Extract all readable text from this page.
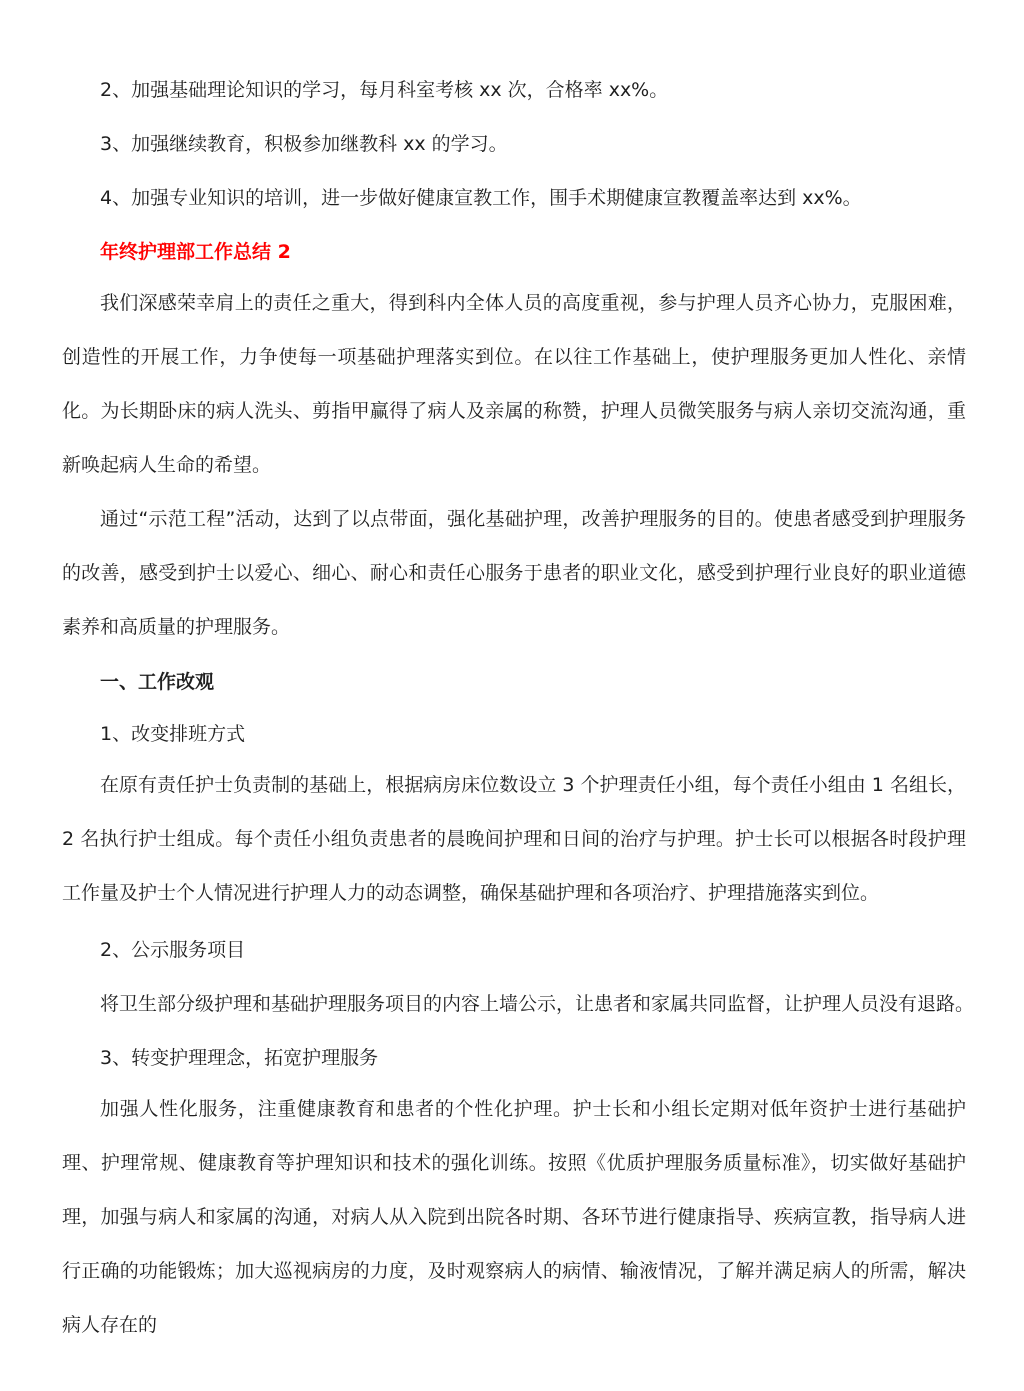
2、加强基础理论知识的学习，每月科室考核 xx 次，合格率 xx%。

3、加强继续教育，积极参加继教科 xx 的学习。

4、加强专业知识的培训，进一步做好健康宣教工作，围手术期健康宣教覆盖率达到 xx%。

年终护理部工作总结 2

我们深感荣幸肩上的责任之重大，得到科内全体人员的高度重视，参与护理人员齐心协力，克服困难，创造性的开展工作，力争使每一项基础护理落实到位。在以往工作基础上，使护理服务更加人性化、亲情化。为长期卧床的病人洗头、剪指甲赢得了病人及亲属的称赞，护理人员微笑服务与病人亲切交流沟通，重新唤起病人生命的希望。

通过“示范工程”活动，达到了以点带面，强化基础护理，改善护理服务的目的。使患者感受到护理服务的改善，感受到护士以爱心、细心、耐心和责任心服务于患者的职业文化，感受到护理行业良好的职业道德素养和高质量的护理服务。

一、工作改观

1、改变排班方式

在原有责任护士负责制的基础上，根据病房床位数设立 3 个护理责任小组，每个责任小组由 1 名组长，2 名执行护士组成。每个责任小组负责患者的晨晚间护理和日间的治疗与护理。护士长可以根据各时段护理工作量及护士个人情况进行护理人力的动态调整，确保基础护理和各项治疗、护理措施落实到位。

2、公示服务项目

将卫生部分级护理和基础护理服务项目的内容上墙公示，让患者和家属共同监督，让护理人员没有退路。

3、转变护理理念，拓宽护理服务

加强人性化服务，注重健康教育和患者的个性化护理。护士长和小组长定期对低年资护士进行基础护理、护理常规、健康教育等护理知识和技术的强化训练。按照《优质护理服务质量标准》，切实做好基础护理，加强与病人和家属的沟通，对病人从入院到出院各时期、各环节进行健康指导、疾病宣教，指导病人进行正确的功能锻炼；加大巡视病房的力度，及时观察病人的病情、输液情况，了解并满足病人的所需，解决病人存在的
